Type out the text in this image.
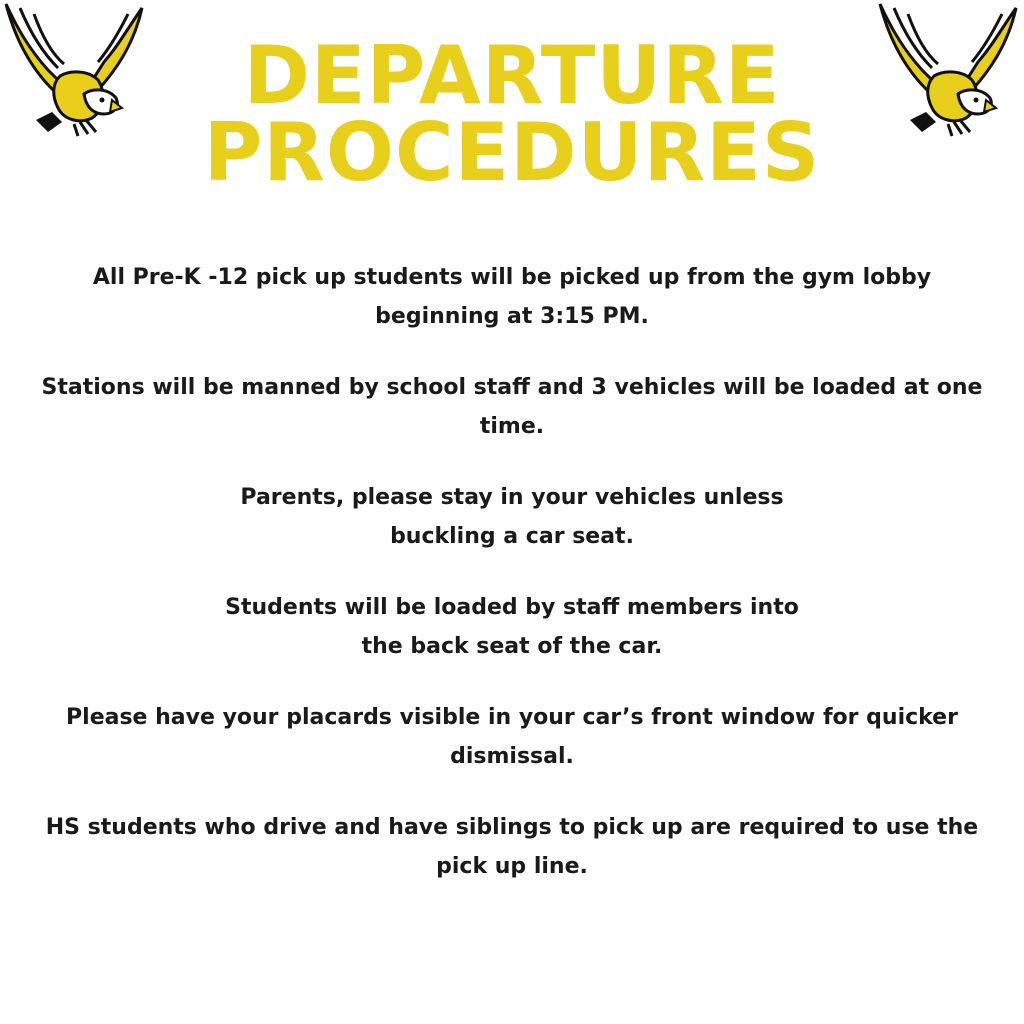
DEPARTURE
PROCEDURES

All Pre-K -12 pick up students will be picked up from the gym lobby
beginning at 3:15 PM.

Stations will be manned by school staff and 3 vehicles will be loaded at one
time.

Parents, please stay in your vehicles unless
buckling a car seat.

Students will be loaded by staff members into
the back seat of the car.

Please have your placards visible in your car’s front window for quicker
dismissal.

HS students who drive and have siblings to pick up are required to use the
pick up line.
